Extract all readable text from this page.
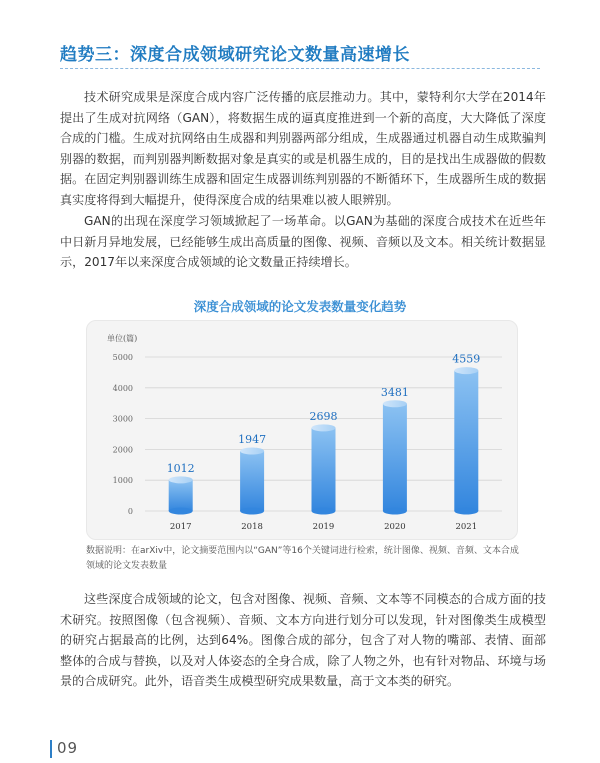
趋势三：深度合成领域研究论文数量高速增长

技术研究成果是深度合成内容广泛传播的底层推动力。其中，蒙特利尔大学在2014年提出了生成对抗网络（GAN），将数据生成的逼真度推进到一个新的高度，大大降低了深度合成的门槛。生成对抗网络由生成器和判别器两部分组成，生成器通过机器自动生成欺骗判别器的数据，而判别器判断数据对象是真实的或是机器生成的，目的是找出生成器做的假数据。在固定判别器训练生成器和固定生成器训练判别器的不断循环下，生成器所生成的数据真实度将得到大幅提升，使得深度合成的结果难以被人眼辨别。

GAN的出现在深度学习领域掀起了一场革命。以GAN为基础的深度合成技术在近些年中日新月异地发展，已经能够生成出高质量的图像、视频、音频以及文本。相关统计数据显示，2017年以来深度合成领域的论文数量正持续增长。

深度合成领域的论文发表数量变化趋势
单位(篇)
0
1000
2000
3000
4000
5000
1012
2017
1947
2018
2698
2019
3481
2020
4559
2021
数据说明：在arXiv中，论文摘要范围内以“GAN”等16个关键词进行检索，统计图像、视频、音频、文本合成领域的论文发表数量

这些深度合成领域的论文，包含对图像、视频、音频、文本等不同模态的合成方面的技术研究。按照图像（包含视频）、音频、文本方向进行划分可以发现，针对图像类生成模型的研究占据最高的比例，达到64%。图像合成的部分，包含了对人物的嘴部、表情、面部整体的合成与替换，以及对人体姿态的全身合成，除了人物之外，也有针对物品、环境与场景的合成研究。此外，语音类生成模型研究成果数量，高于文本类的研究。

09
